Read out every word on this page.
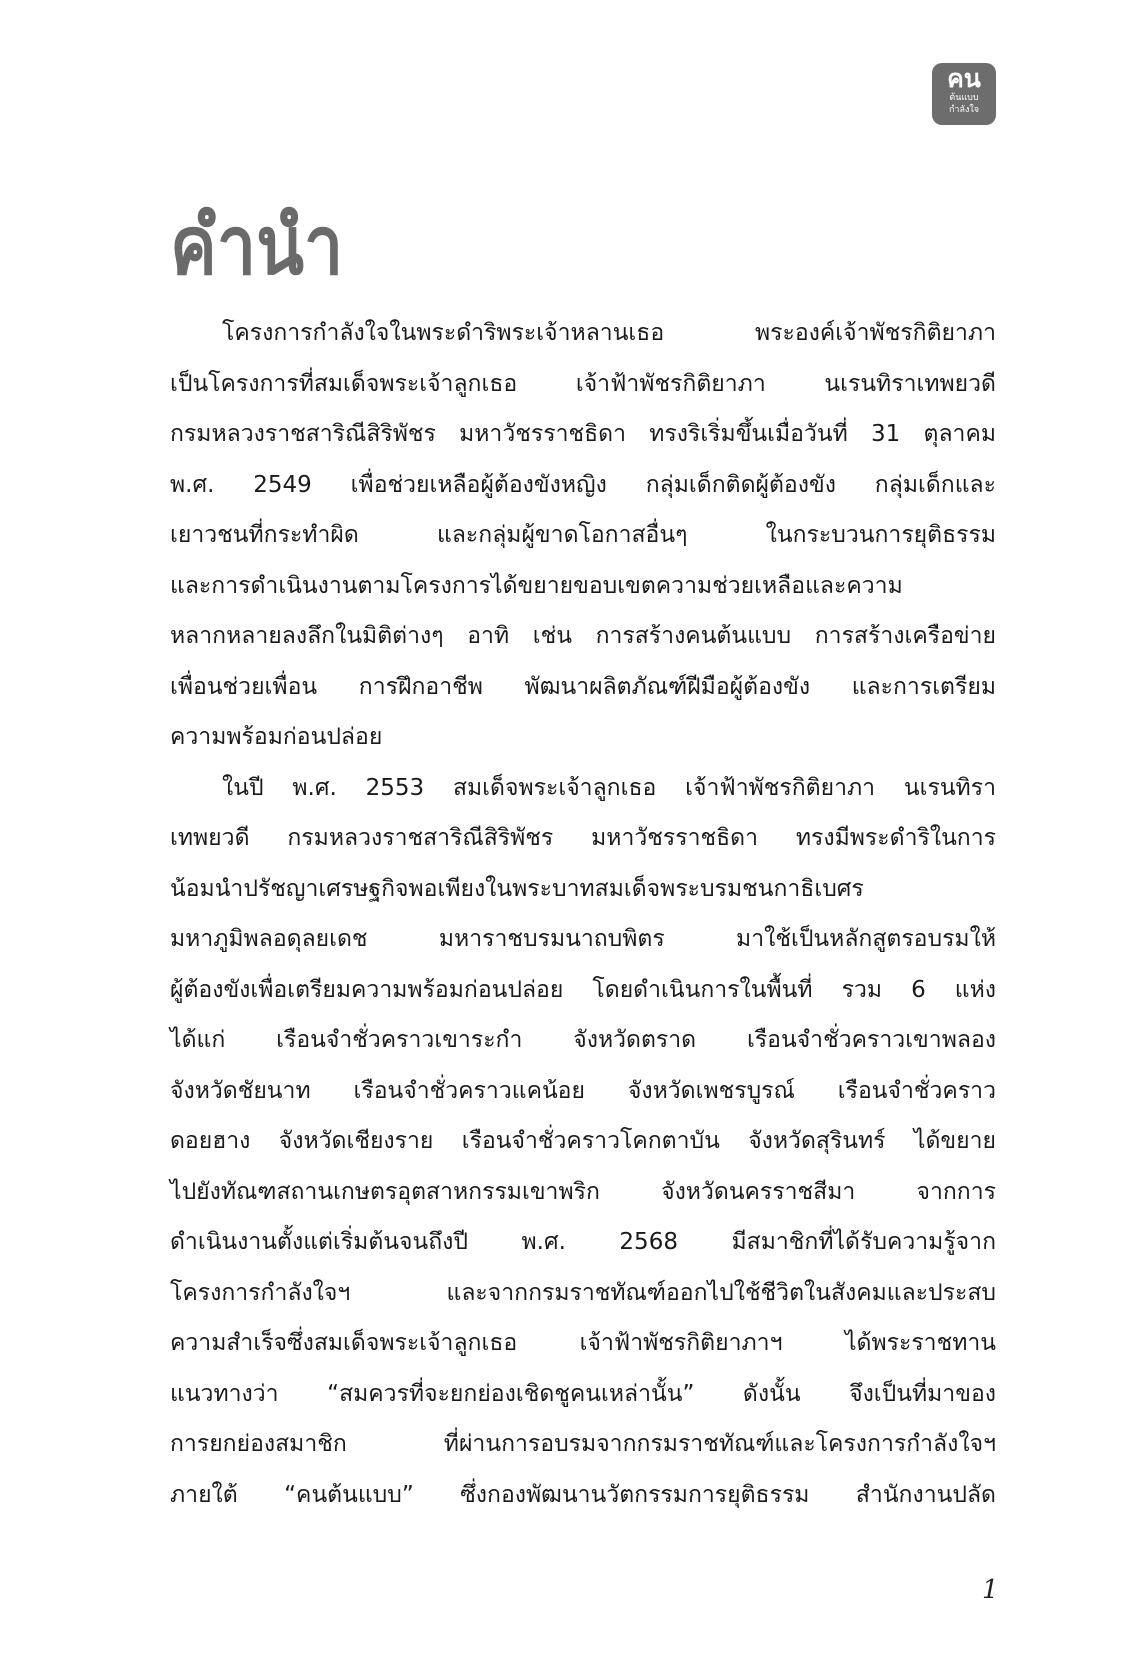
คน
ต้นแบบ
กำลังใจ
คำนำ
โครงการกำลังใจในพระดำริพระเจ้าหลานเธอ พระองค์เจ้าพัชรกิติยาภา
เป็นโครงการที่สมเด็จพระเจ้าลูกเธอ เจ้าฟ้าพัชรกิติยาภา นเรนทิราเทพยวดี
กรมหลวงราชสาริณีสิริพัชร มหาวัชรราชธิดา ทรงริเริ่มขึ้นเมื่อวันที่ 31 ตุลาคม
พ.ศ. 2549 เพื่อช่วยเหลือผู้ต้องขังหญิง กลุ่มเด็กติดผู้ต้องขัง กลุ่มเด็กและ
เยาวชนที่กระทำผิด และกลุ่มผู้ขาดโอกาสอื่นๆ ในกระบวนการยุติธรรม
และการดำเนินงานตามโครงการได้ขยายขอบเขตความช่วยเหลือและความ
หลากหลายลงลึกในมิติต่างๆ อาทิ เช่น การสร้างคนต้นแบบ การสร้างเครือข่าย
เพื่อนช่วยเพื่อน การฝึกอาชีพ พัฒนาผลิตภัณฑ์ฝีมือผู้ต้องขัง และการเตรียม
ความพร้อมก่อนปล่อย
ในปี พ.ศ. 2553 สมเด็จพระเจ้าลูกเธอ เจ้าฟ้าพัชรกิติยาภา นเรนทิรา
เทพยวดี กรมหลวงราชสาริณีสิริพัชร มหาวัชรราชธิดา ทรงมีพระดำริในการ
น้อมนำปรัชญาเศรษฐกิจพอเพียงในพระบาทสมเด็จพระบรมชนกาธิเบศร
มหาภูมิพลอดุลยเดช มหาราชบรมนาถบพิตร มาใช้เป็นหลักสูตรอบรมให้
ผู้ต้องขังเพื่อเตรียมความพร้อมก่อนปล่อย โดยดำเนินการในพื้นที่ รวม 6 แห่ง
ได้แก่ เรือนจำชั่วคราวเขาระกำ จังหวัดตราด เรือนจำชั่วคราวเขาพลอง
จังหวัดชัยนาท เรือนจำชั่วคราวแคน้อย จังหวัดเพชรบูรณ์ เรือนจำชั่วคราว
ดอยฮาง จังหวัดเชียงราย เรือนจำชั่วคราวโคกตาบัน จังหวัดสุรินทร์ ได้ขยาย
ไปยังทัณฑสถานเกษตรอุตสาหกรรมเขาพริก จังหวัดนครราชสีมา จากการ
ดำเนินงานตั้งแต่เริ่มต้นจนถึงปี พ.ศ. 2568 มีสมาชิกที่ได้รับความรู้จาก
โครงการกำลังใจฯ และจากกรมราชทัณฑ์ออกไปใช้ชีวิตในสังคมและประสบ
ความสำเร็จซึ่งสมเด็จพระเจ้าลูกเธอ เจ้าฟ้าพัชรกิติยาภาฯ ได้พระราชทาน
แนวทางว่า “สมควรที่จะยกย่องเชิดชูคนเหล่านั้น” ดังนั้น จึงเป็นที่มาของ
การยกย่องสมาชิก ที่ผ่านการอบรมจากกรมราชทัณฑ์และโครงการกำลังใจฯ
ภายใต้ “คนต้นแบบ” ซึ่งกองพัฒนานวัตกรรมการยุติธรรม สำนักงานปลัด
1
